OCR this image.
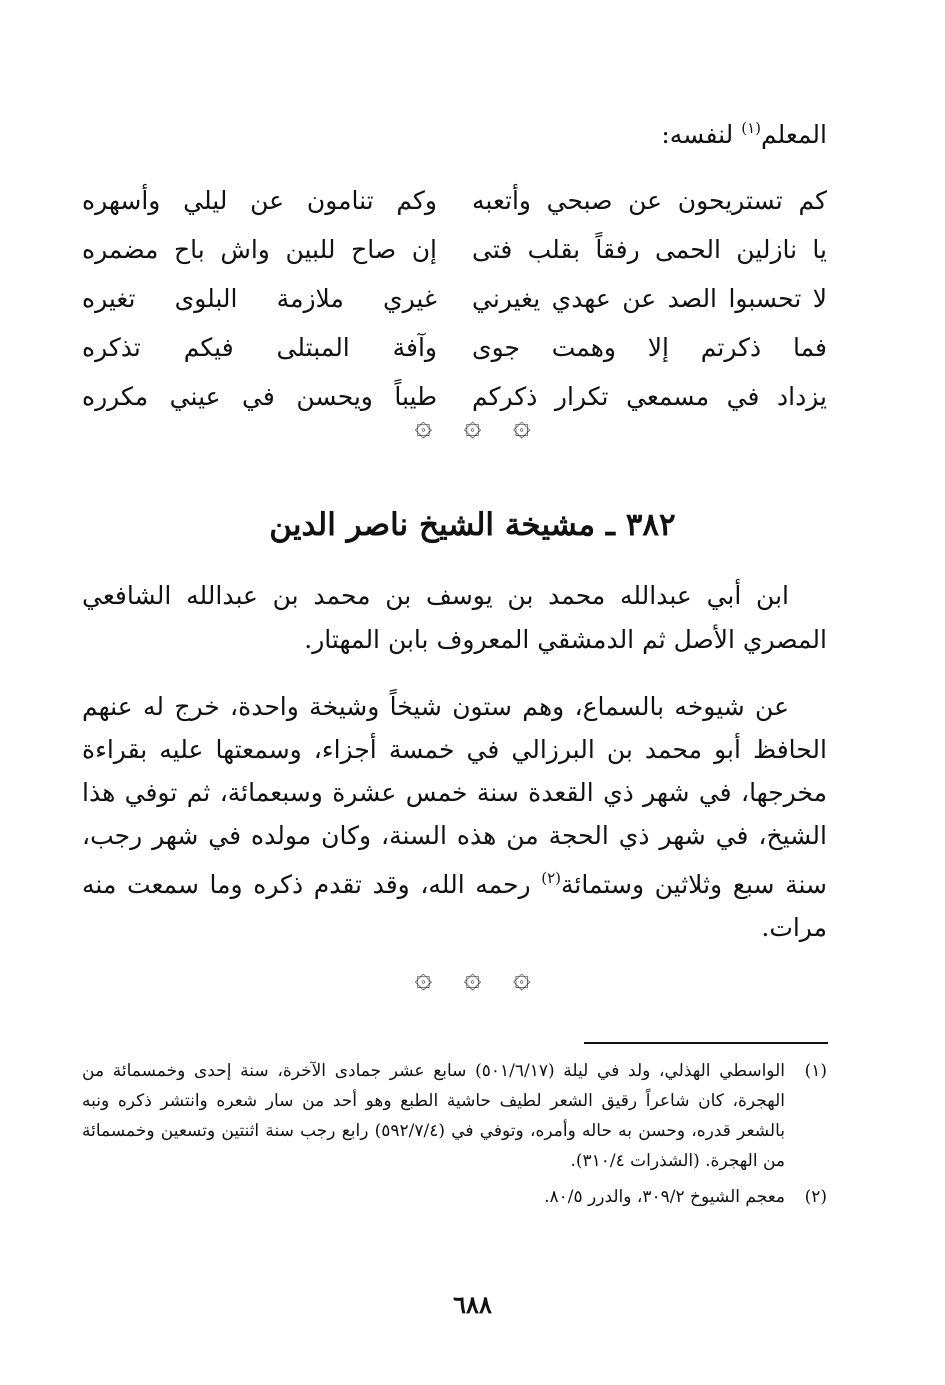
المعلم$^{(١)}$ لنفسه:
كم تستريحون عن صبحي وأتعبه
وكم تنامون عن ليلي وأسهره
يا نازلين الحمى رفقاً بقلب فتى
إن صاح للبين واش باح مضمره
لا تحسبوا الصد عن عهدي يغيرني
غيري ملازمة البلوى تغيره
فما ذكرتم إلا وهمت جوى
وآفة المبتلى فيكم تذكره
يزداد في مسمعي تكرار ذكركم
طيباً ويحسن في عيني مكرره
۞ ۞ ۞
٣٨٢ ـ مشيخة الشيخ ناصر الدين

ابن أبي عبدالله محمد بن يوسف بن محمد بن عبدالله الشافعي المصري الأصل ثم الدمشقي المعروف بابن المهتار.

عن شيوخه بالسماع، وهم ستون شيخاً وشيخة واحدة، خرج له عنهم الحافظ أبو محمد بن البرزالي في خمسة أجزاء، وسمعتها عليه بقراءة مخرجها، في شهر ذي القعدة سنة خمس عشرة وسبعمائة، ثم توفي هذا الشيخ، في شهر ذي الحجة من هذه السنة، وكان مولده في شهر رجب، سنة سبع وثلاثين وستمائة$^{(٢)}$ رحمه الله، وقد تقدم ذكره وما سمعت منه مرات.

۞ ۞ ۞
(١)
الواسطي الهذلي، ولد في ليلة (٥٠١/٦/١٧) سابع عشر جمادى الآخرة، سنة إحدى وخمسمائة من الهجرة، كان شاعراً رقيق الشعر لطيف حاشية الطبع وهو أحد من سار شعره وانتشر ذكره ونبه بالشعر قدره، وحسن به حاله وأمره، وتوفي في (٥٩٢/٧/٤) رابع رجب سنة اثنتين وتسعين وخمسمائة من الهجرة. (الشذرات ٣١٠/٤).
(٢)
معجم الشيوخ ٣٠٩/٢، والدرر ٨٠/٥.
٦٨٨
